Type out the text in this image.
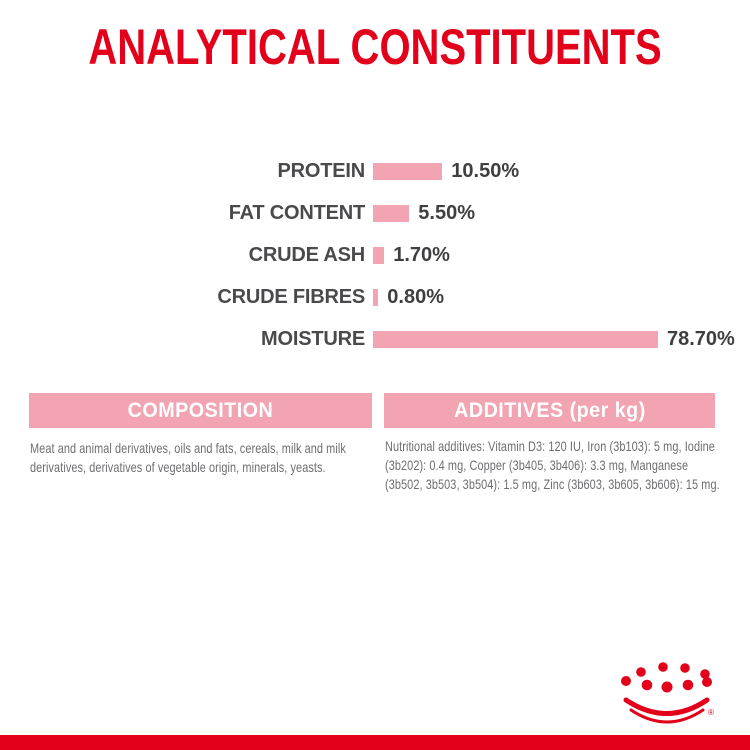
ANALYTICAL CONSTITUENTS
PROTEIN	10.50%
FAT CONTENT	5.50%
CRUDE ASH 1.70%
CRUDE FIBRES 0.80%
MOISTURE	78.70%
COMPOSITION	ADDITIVES (per kg)
Meat and animal derivatives, oils and fats, cereals, milk and milk derivatives, derivatives of vegetable origin, minerals, yeasts.
Nutritional additives: Vitamin D3: 120 IU, Iron (3b103): 5 mg, Iodine (3b202): 0.4 mg, Copper (3b405, 3b406): 3.3 mg, Manganese (3b502, 3b503, 3b504): 1.5 mg, Zinc (3b603, 3b605, 3b606): 15 mg.
®
